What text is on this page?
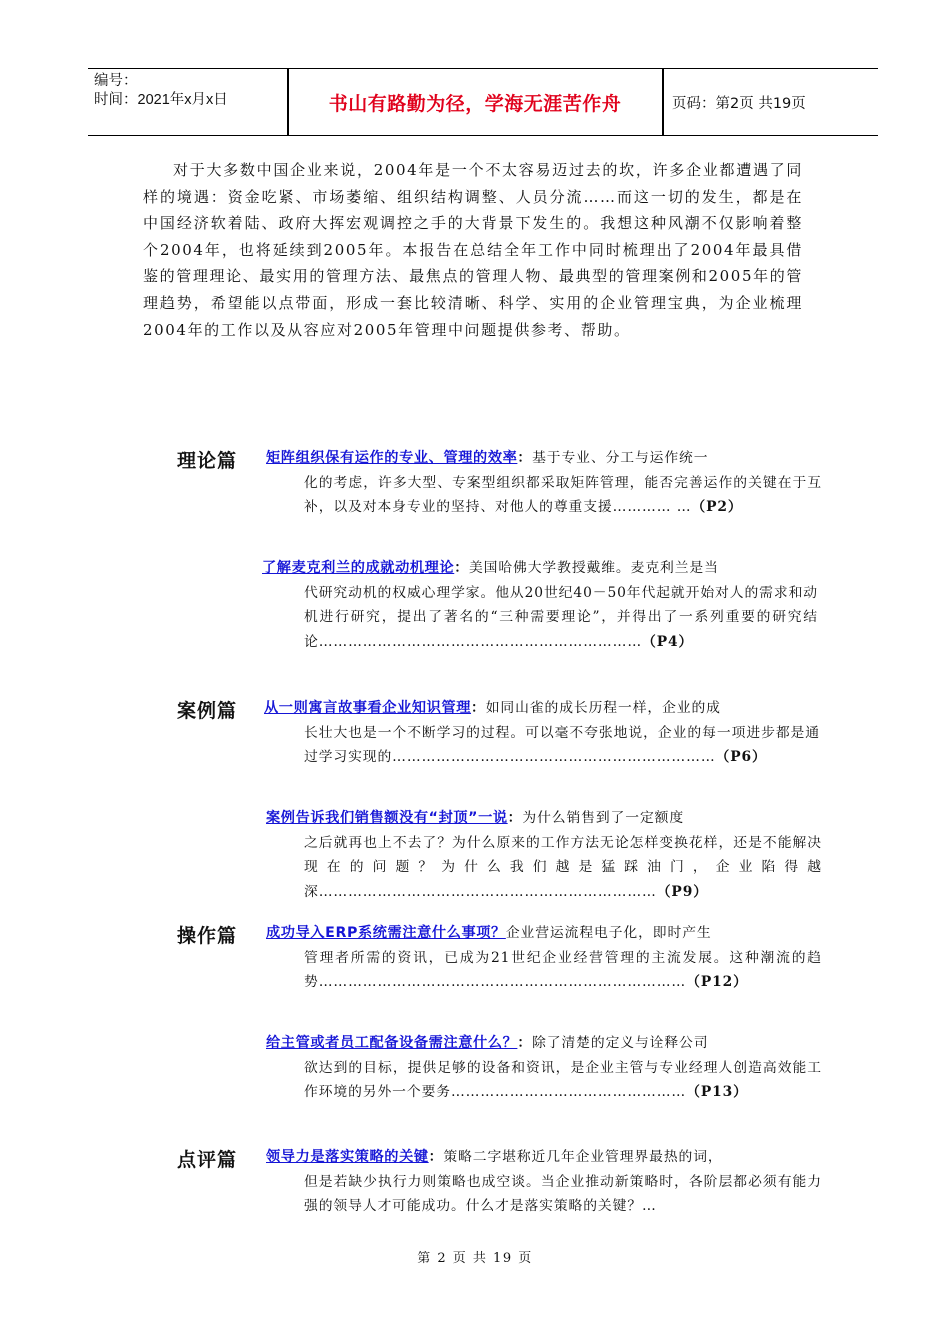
编号：
时间：2021年x月x日	书山有路勤为径，学海无涯苦作舟	页码：第2页 共19页
对于大多数中国企业来说，2004年是一个不太容易迈过去的坎，许多企业都遭遇了同样的境遇：资金吃紧、市场萎缩、组织结构调整、人员分流……而这一切的发生，都是在中国经济软着陆、政府大挥宏观调控之手的大背景下发生的。我想这种风潮不仅影响着整个2004年，也将延续到2005年。本报告在总结全年工作中同时梳理出了2004年最具借鉴的管理理论、最实用的管理方法、最焦点的管理人物、最典型的管理案例和2005年的管理趋势，希望能以点带面，形成一套比较清晰、科学、实用的企业管理宝典，为企业梳理2004年的工作以及从容应对2005年管理中问题提供参考、帮助。
理论篇 矩阵组织保有运作的专业、管理的效率：基于专业、分工与运作统一
化的考虑，许多大型、专案型组织都采取矩阵管理，能否完善运作的关键在于互补，以及对本身专业的坚持、对他人的尊重支援………… …（P2）
了解麦克利兰的成就动机理论：美国哈佛大学教授戴维。麦克利兰是当
代研究动机的权威心理学家。他从20世纪40－50年代起就开始对人的需求和动机进行研究，提出了著名的“三种需要理论”，并得出了一系列重要的研究结论…………………………………………………………（P4）
案例篇 从一则寓言故事看企业知识管理：如同山雀的成长历程一样，企业的成
长壮大也是一个不断学习的过程。可以毫不夸张地说，企业的每一项进步都是通过学习实现的…………………………………………………………（P6）
案例告诉我们销售额没有“封顶”一说：为什么销售到了一定额度
之后就再也上不去了？为什么原来的工作方法无论怎样变换花样，还是不能解决现在的问题？为什么我们越是猛踩油门，企业陷得越深……………………………………………………………（P9）
操作篇 成功导入ERP系统需注意什么事项？企业营运流程电子化，即时产生
管理者所需的资讯，已成为21世纪企业经营管理的主流发展。这种潮流的趋势…………………………………………………………………（P12）
给主管或者员工配备设备需注意什么？：除了清楚的定义与诠释公司
欲达到的目标，提供足够的设备和资讯，是企业主管与专业经理人创造高效能工作环境的另外一个要务…………………………………………（P13）
点评篇 领导力是落实策略的关键：策略二字堪称近几年企业管理界最热的词，
但是若缺少执行力则策略也成空谈。当企业推动新策略时，各阶层都必须有能力强的领导人才可能成功。什么才是落实策略的关键？…
第 2 页 共 19 页
